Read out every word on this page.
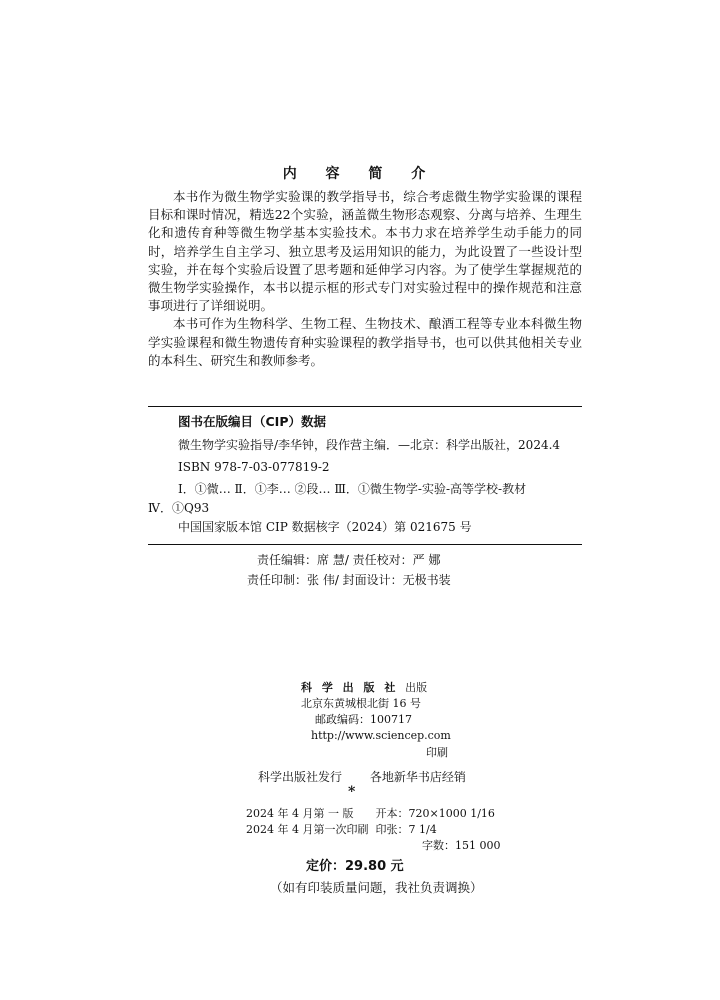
内 容 简 介

本书作为微生物学实验课的教学指导书，综合考虑微生物学实验课的课程目标和课时情况，精选22个实验，涵盖微生物形态观察、分离与培养、生理生化和遗传育种等微生物学基本实验技术。本书力求在培养学生动手能力的同时，培养学生自主学习、独立思考及运用知识的能力，为此设置了一些设计型实验，并在每个实验后设置了思考题和延伸学习内容。为了使学生掌握规范的微生物学实验操作，本书以提示框的形式专门对实验过程中的操作规范和注意事项进行了详细说明。

本书可作为生物科学、生物工程、生物技术、酿酒工程等专业本科微生物学实验课程和微生物遗传育种实验课程的教学指导书，也可以供其他相关专业的本科生、研究生和教师参考。

图书在版编目（CIP）数据
微生物学实验指导/李华钟，段作营主编．—北京：科学出版社，2024.4
ISBN 978-7-03-077819-2
Ⅰ．①微… Ⅱ．①李… ②段… Ⅲ．①微生物学-实验-高等学校-教材
Ⅳ．①Q93
中国国家版本馆 CIP 数据核字（2024）第 021675 号
责任编辑：席 慧/ 责任校对：严 娜
责任印制：张 伟/ 封面设计：无极书装
科 学 出 版 社 出版
北京东黄城根北街 16 号
邮政编码：100717
http://www.sciencep.com
印刷
科学出版社发行 各地新华书店经销
*
2024 年 4 月第 一 版 开本：720×1000 1/16
2024 年 4 月第一次印刷 印张：7 1/4
字数：151 000
定价：29.80 元
（如有印装质量问题，我社负责调换）
